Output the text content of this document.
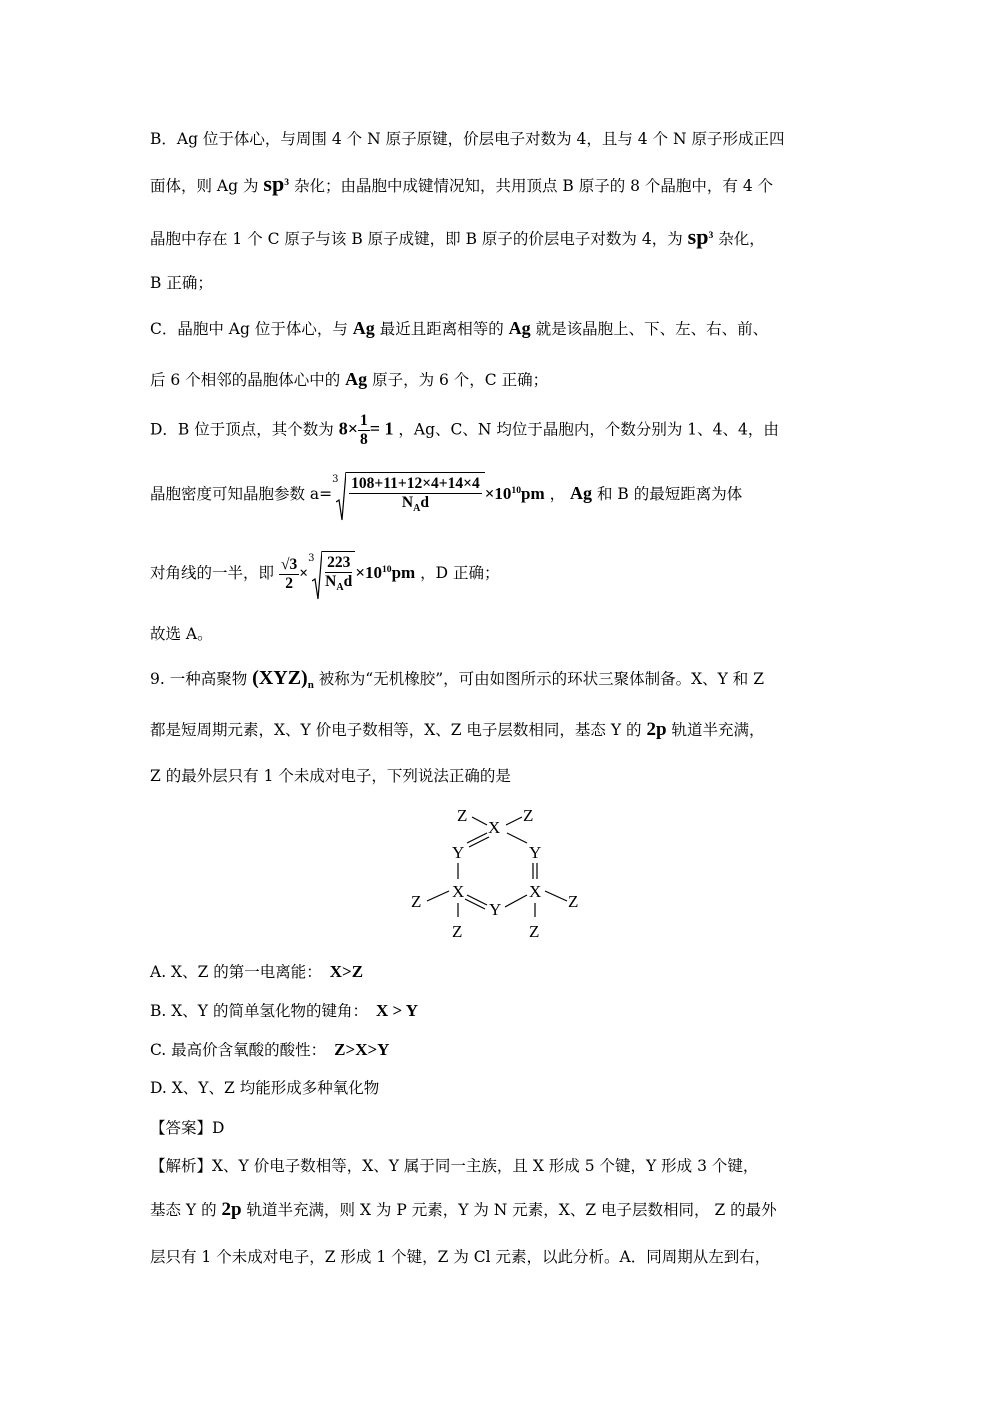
B．Ag 位于体心，与周围 4 个 N 原子原键，价层电子对数为 4，且与 4 个 N 原子形成正四
面体，则 Ag 为 $sp^3$ 杂化；由晶胞中成键情况知，共用顶点 B 原子的 8 个晶胞中，有 4 个
晶胞中存在 1 个 C 原子与该 B 原子成键，即 B 原子的价层电子对数为 4，为 $sp^3$ 杂化，
B 正确；
C．晶胞中 Ag 位于体心，与 Ag 最近且距离相等的 Ag 就是该晶胞上、下、左、右、前、
后 6 个相邻的晶胞体心中的 Ag 原子，为 6 个，C 正确；
D．B 位于顶点，其个数为 $8\times \frac{1}{8} = 1$ ，Ag、C、N 均位于晶胞内，个数分别为 1、4、4，由
晶胞密度可知晶胞参数 a=
$3 \frac{108+11+12\times 4+14\times 4}{N_Ad} \times 10^{10}pm$ ， Ag 和 B 的最短距离为体
对角线的一半，即 $\frac{√3}{2}$ ×
$3 \frac{223}{N_Ad} \times 10^{10}pm$ ，D 正确；
故选 A。
9. 一种高聚物 $(XYZ)_n$ 被称为“无机橡胶”，可由如图所示的环状三聚体制备。X、Y 和 Z
都是短周期元素，X、Y 价电子数相等，X、Z 电子层数相同，基态 Y 的 2p 轨道半充满，
Z 的最外层只有 1 个未成对电子，下列说法正确的是
Z	Z
X
Y	Y
X	X
Z	Z
Y
Z	Z
A. X、Z 的第一电离能： X>Z
B. X、Y 的简单氢化物的键角： X > Y
C. 最高价含氧酸的酸性： Z>X>Y
D. X、Y、Z 均能形成多种氧化物
【答案】D
【解析】X、Y 价电子数相等，X、Y 属于同一主族，且 X 形成 5 个键，Y 形成 3 个键，
基态 Y 的 2p 轨道半充满，则 X 为 P 元素，Y 为 N 元素，X、Z 电子层数相同， Z 的最外
层只有 1 个未成对电子，Z 形成 1 个键，Z 为 Cl 元素，以此分析。A．同周期从左到右，
